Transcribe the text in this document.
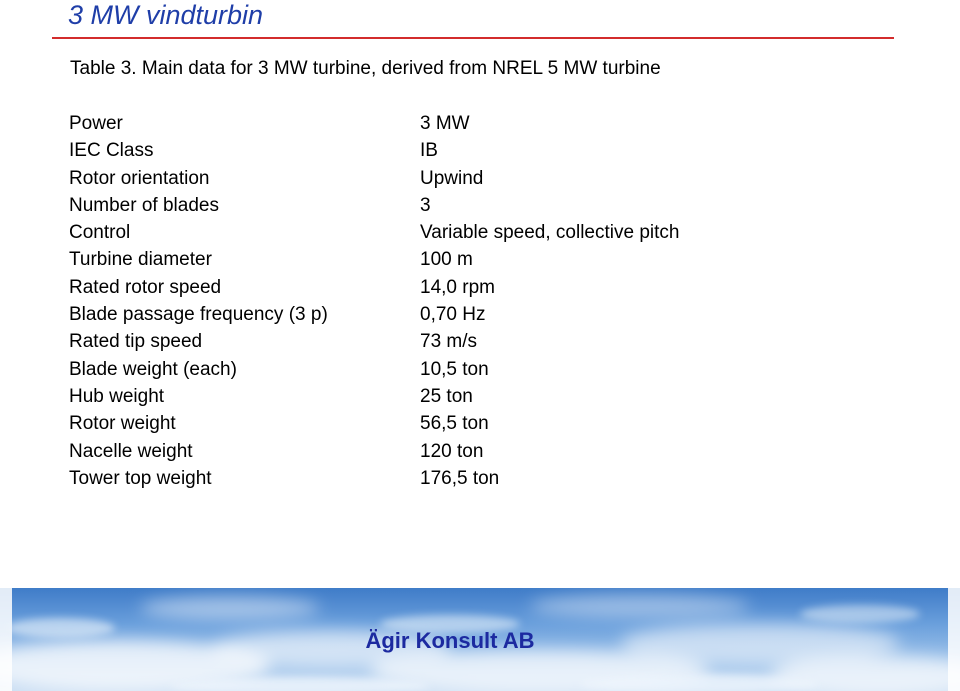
3 MW vindturbin
Table 3. Main data for 3 MW turbine, derived from NREL 5 MW turbine
Power	3 MW
IEC Class	IB
Rotor orientation	Upwind
Number of blades	3
Control	Variable speed, collective pitch
Turbine diameter	100 m
Rated rotor speed	14,0 rpm
Blade passage frequency (3 p)	0,70 Hz
Rated tip speed	73 m/s
Blade weight (each)	10,5 ton
Hub weight	25 ton
Rotor weight	56,5 ton
Nacelle weight	120 ton
Tower top weight	176,5 ton
Ägir Konsult AB
